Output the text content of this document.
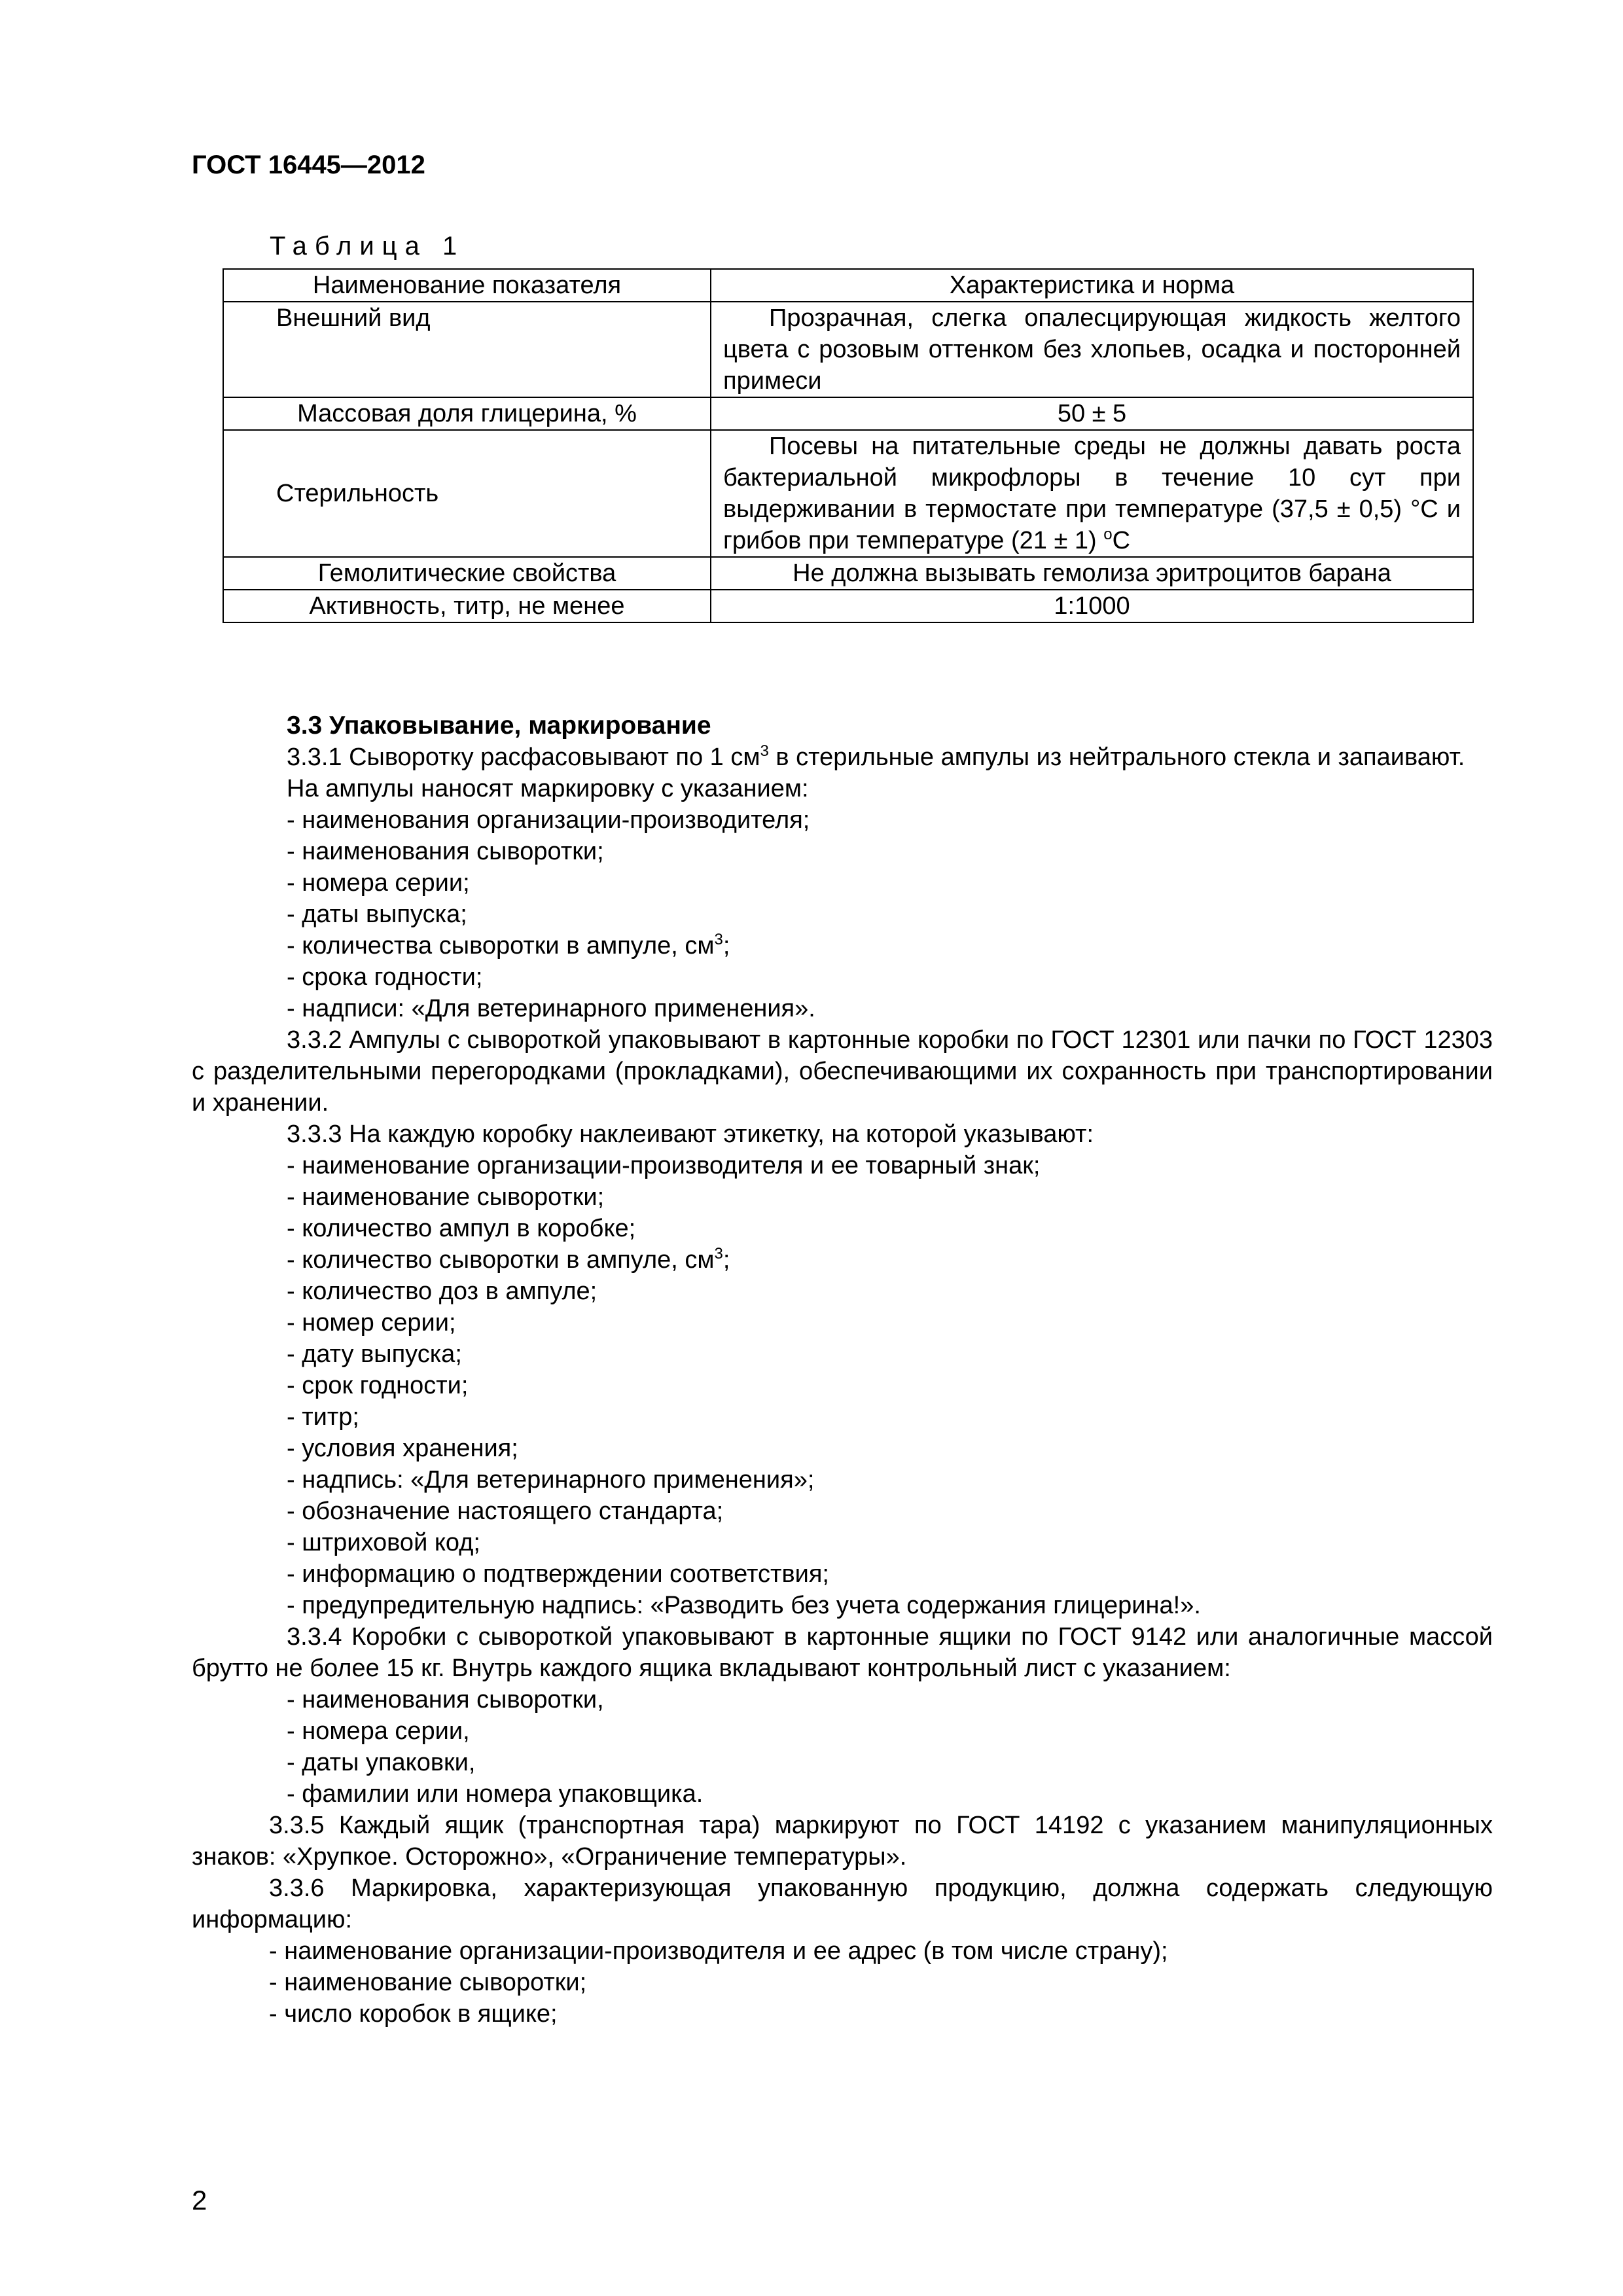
ГОСТ 16445—2012
Таблица 1
Наименование показателя	Характеристика и норма
Внешний вид	Прозрачная, слегка опалесцирующая жидкость желтого цвета с розовым оттенком без хлопьев, осадка и посторонней примеси
Массовая доля глицерина, %	50 ± 5
Стерильность	Посевы на питательные среды не должны давать роста бактериальной микрофлоры в течение 10 сут при выдерживании в термостате при температуре (37,5 ± 0,5) °С и грибов при температуре (21 ± 1) $^о$С
Гемолитические свойства	Не должна вызывать гемолиза эритроцитов барана
Активность, титр, не менее	1:1000

3.3 Упаковывание, маркирование

3.3.1 Сыворотку расфасовывают по 1 $см^3$ в стерильные ампулы из нейтрального стекла и запаивают.

На ампулы наносят маркировку с указанием:

- наименования организации-производителя;

- наименования сыворотки;

- номера серии;

- даты выпуска;

- количества сыворотки в ампуле, $см^3$;

- срока годности;

- надписи: «Для ветеринарного применения».

3.3.2 Ампулы с сывороткой упаковывают в картонные коробки по ГОСТ 12301 или пачки по ГОСТ 12303 с разделительными перегородками (прокладками), обеспечивающими их сохранность при транспортировании и хранении.

3.3.3 На каждую коробку наклеивают этикетку, на которой указывают:

- наименование организации-производителя и ее товарный знак;

- наименование сыворотки;

- количество ампул в коробке;

- количество сыворотки в ампуле, $см^3$;

- количество доз в ампуле;

- номер серии;

- дату выпуска;

- срок годности;

- титр;

- условия хранения;

- надпись: «Для ветеринарного применения»;

- обозначение настоящего стандарта;

- штриховой код;

- информацию о подтверждении соответствия;

- предупредительную надпись: «Разводить без учета содержания глицерина!».

3.3.4 Коробки с сывороткой упаковывают в картонные ящики по ГОСТ 9142 или аналогичные массой брутто не более 15 кг. Внутрь каждого ящика вкладывают контрольный лист с указанием:

- наименования сыворотки,

- номера серии,

- даты упаковки,

- фамилии или номера упаковщика.

3.3.5 Каждый ящик (транспортная тара) маркируют по ГОСТ 14192 с указанием манипуляционных знаков: «Хрупкое. Осторожно», «Ограничение температуры».

3.3.6 Маркировка, характеризующая упакованную продукцию, должна содержать следующую информацию:

- наименование организации-производителя и ее адрес (в том числе страну);

- наименование сыворотки;

- число коробок в ящике;

2
